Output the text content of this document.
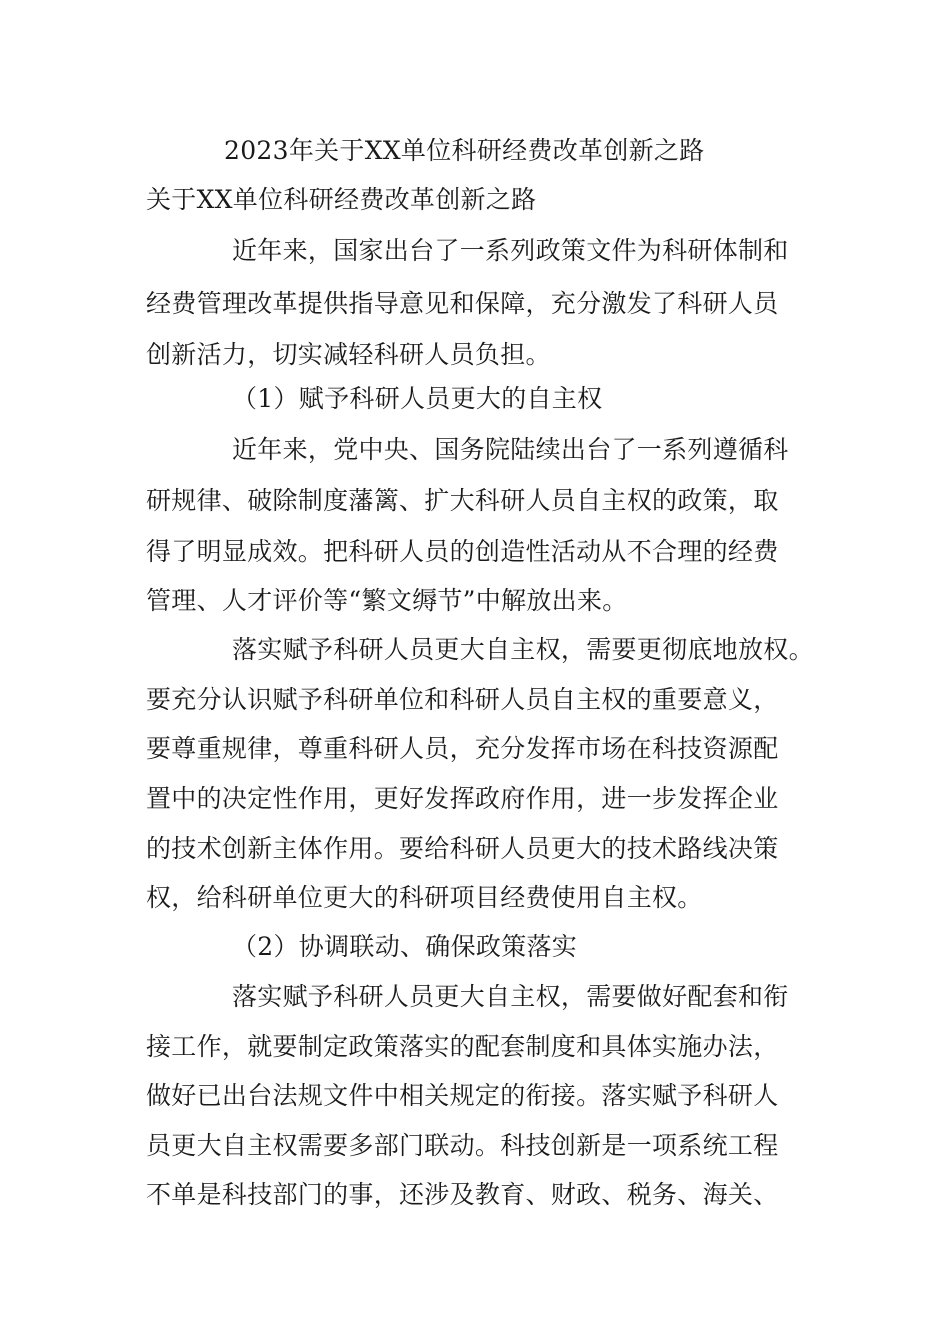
2023年关于XX单位科研经费改革创新之路
关于XX单位科研经费改革创新之路
近年来，国家出台了一系列政策文件为科研体制和
经费管理改革提供指导意见和保障，充分激发了科研人员
创新活力，切实减轻科研人员负担。
（1）赋予科研人员更大的自主权
近年来，党中央、国务院陆续出台了一系列遵循科
研规律、破除制度藩篱、扩大科研人员自主权的政策，取
得了明显成效。把科研人员的创造性活动从不合理的经费
管理、人才评价等“繁文缛节”中解放出来。
落实赋予科研人员更大自主权，需要更彻底地放权。
要充分认识赋予科研单位和科研人员自主权的重要意义，
要尊重规律，尊重科研人员，充分发挥市场在科技资源配
置中的决定性作用，更好发挥政府作用，进一步发挥企业
的技术创新主体作用。要给科研人员更大的技术路线决策
权，给科研单位更大的科研项目经费使用自主权。
（2）协调联动、确保政策落实
落实赋予科研人员更大自主权，需要做好配套和衔
接工作，就要制定政策落实的配套制度和具体实施办法，
做好已出台法规文件中相关规定的衔接。落实赋予科研人
员更大自主权需要多部门联动。科技创新是一项系统工程
不单是科技部门的事，还涉及教育、财政、税务、海关、
